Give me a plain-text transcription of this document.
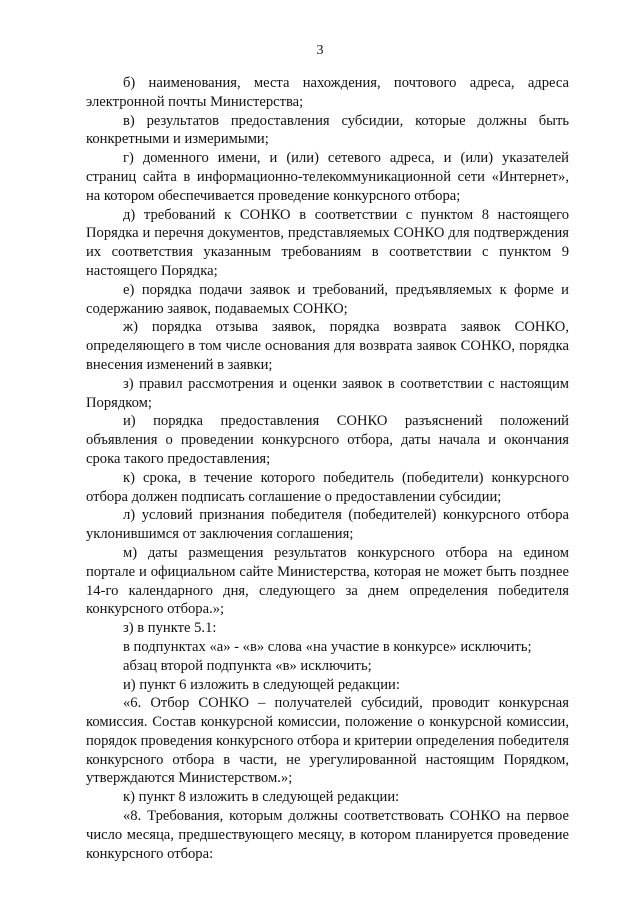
3

б) наименования, места нахождения, почтового адреса, адреса электронной почты Министерства;

в) результатов предоставления субсидии, которые должны быть конкретными и измеримыми;

г) доменного имени, и (или) сетевого адреса, и (или) указателей страниц сайта в информационно-телекоммуникационной сети «Интернет», на котором обеспечивается проведение конкурсного отбора;

д) требований к СОНКО в соответствии с пунктом 8 настоящего Порядка и перечня документов, представляемых СОНКО для подтверждения их соответствия указанным требованиям в соответствии с пунктом 9 настоящего Порядка;

е) порядка подачи заявок и требований, предъявляемых к форме и содержанию заявок, подаваемых СОНКО;

ж) порядка отзыва заявок, порядка возврата заявок СОНКО, определяющего в том числе основания для возврата заявок СОНКО, порядка внесения изменений в заявки;

з) правил рассмотрения и оценки заявок в соответствии с настоящим Порядком;

и) порядка предоставления СОНКО разъяснений положений объявления о проведении конкурсного отбора, даты начала и окончания срока такого предоставления;

к) срока, в течение которого победитель (победители) конкурсного отбора должен подписать соглашение о предоставлении субсидии;

л) условий признания победителя (победителей) конкурсного отбора уклонившимся от заключения соглашения;

м) даты размещения результатов конкурсного отбора на едином портале и официальном сайте Министерства, которая не может быть позднее 14-го календарного дня, следующего за днем определения победителя конкурсного отбора.»;

з) в пункте 5.1:

в подпунктах «а» - «в» слова «на участие в конкурсе» исключить;

абзац второй подпункта «в» исключить;

и) пункт 6 изложить в следующей редакции:

«6. Отбор СОНКО – получателей субсидий, проводит конкурсная комиссия. Состав конкурсной комиссии, положение о конкурсной комиссии, порядок проведения конкурсного отбора и критерии определения победителя конкурсного отбора в части, не урегулированной настоящим Порядком, утверждаются Министерством.»;

к) пункт 8 изложить в следующей редакции:

«8. Требования, которым должны соответствовать СОНКО на первое число месяца, предшествующего месяцу, в котором планируется проведение конкурсного отбора:
